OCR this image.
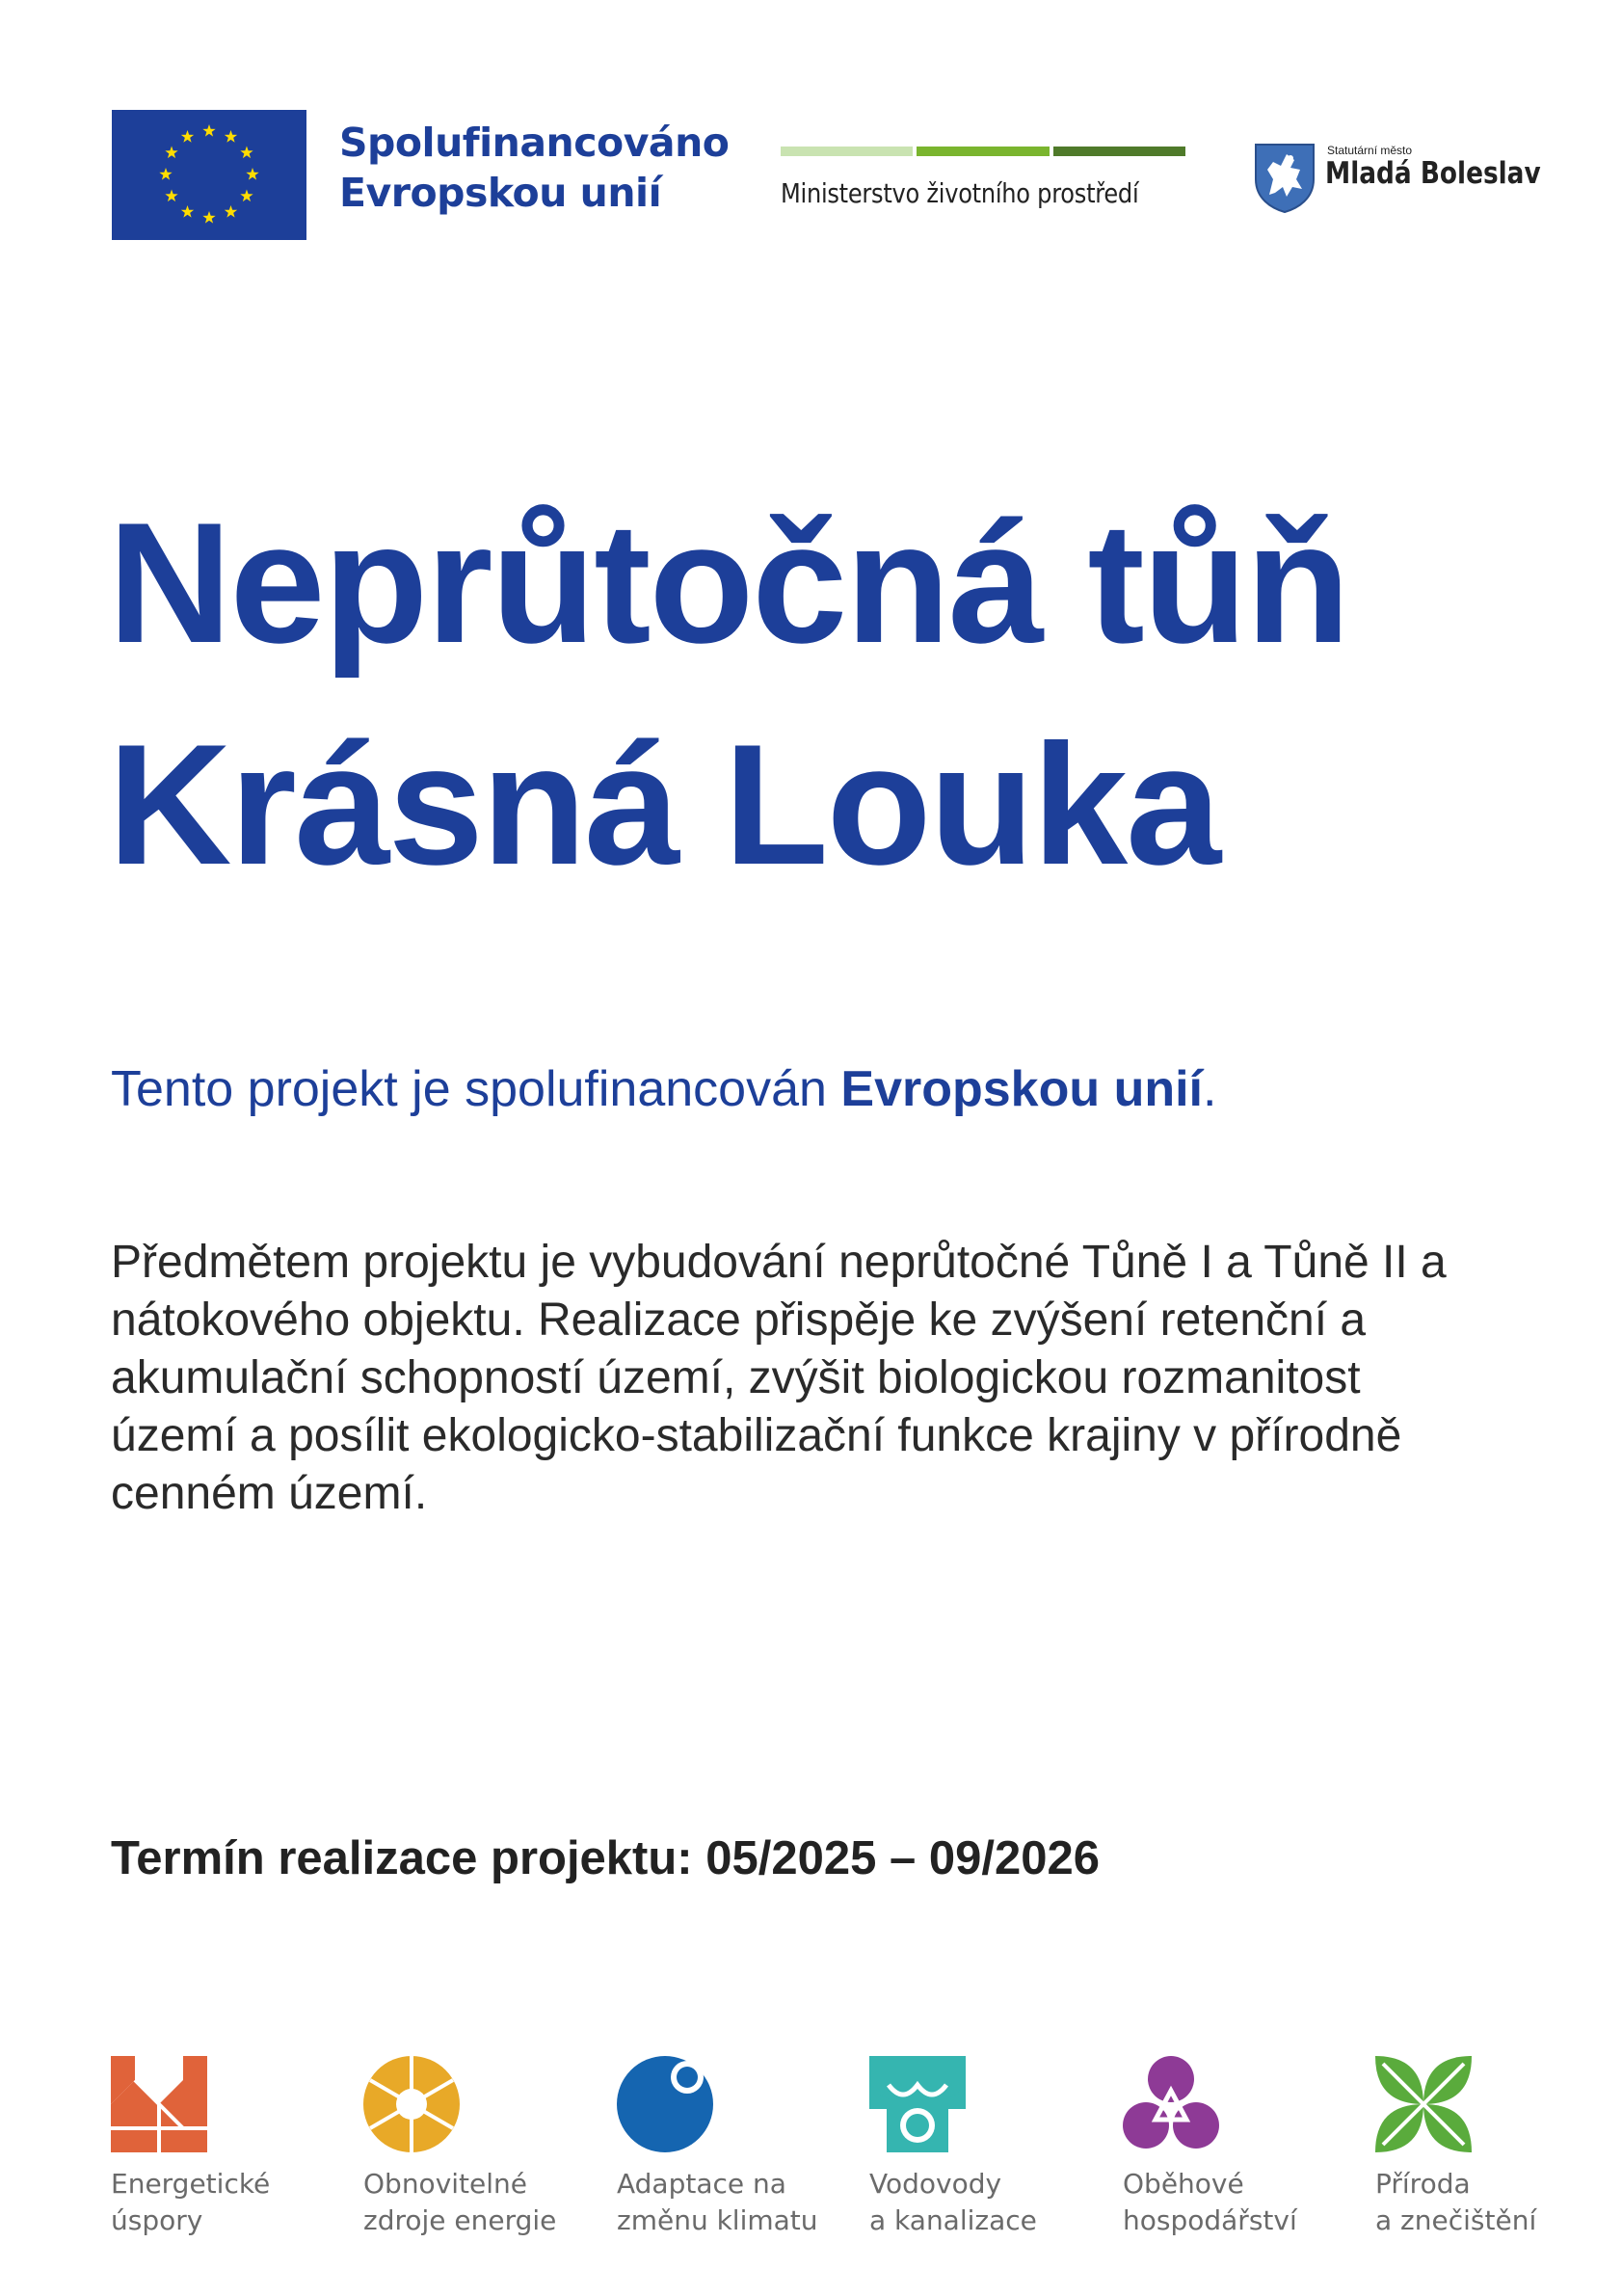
Spolufinancováno
Evropskou unií	Ministerstvo životního prostředí
Statutární město
Mladá Boleslav
Neprůtočná tůň
Krásná Louka
Tento projekt je spolufinancován Evropskou unií.
Předmětem projektu je vybudování neprůtočné Tůně I a Tůně II a nátokového objektu. Realizace přispěje ke zvýšení retenční a akumulační schopností území, zvýšit biologickou rozmanitost území a posílit ekologicko-stabilizační funkce krajiny v přírodně cenném území.
Termín realizace projektu: 05/2025 – 09/2026
Energetické
úspory
Obnovitelné
zdroje energie
Adaptace na
změnu klimatu
Vodovody
a kanalizace
Oběhové
hospodářství
Příroda
a znečištění
